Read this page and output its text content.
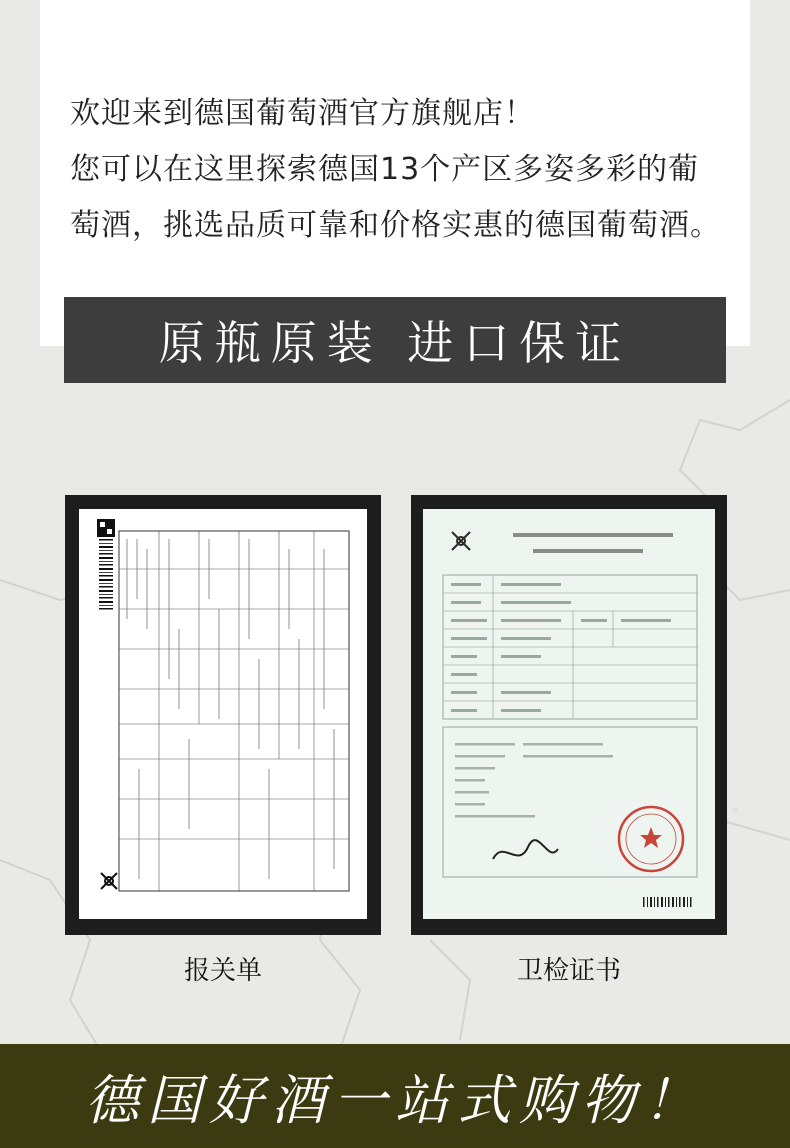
欢迎来到德国葡萄酒官方旗舰店！
您可以在这里探索德国13个产区多姿多彩的葡
萄酒，挑选品质可靠和价格实惠的德国葡萄酒。
原瓶原装 进口保证
报关单	卫检证书
德国好酒一站式购物！
